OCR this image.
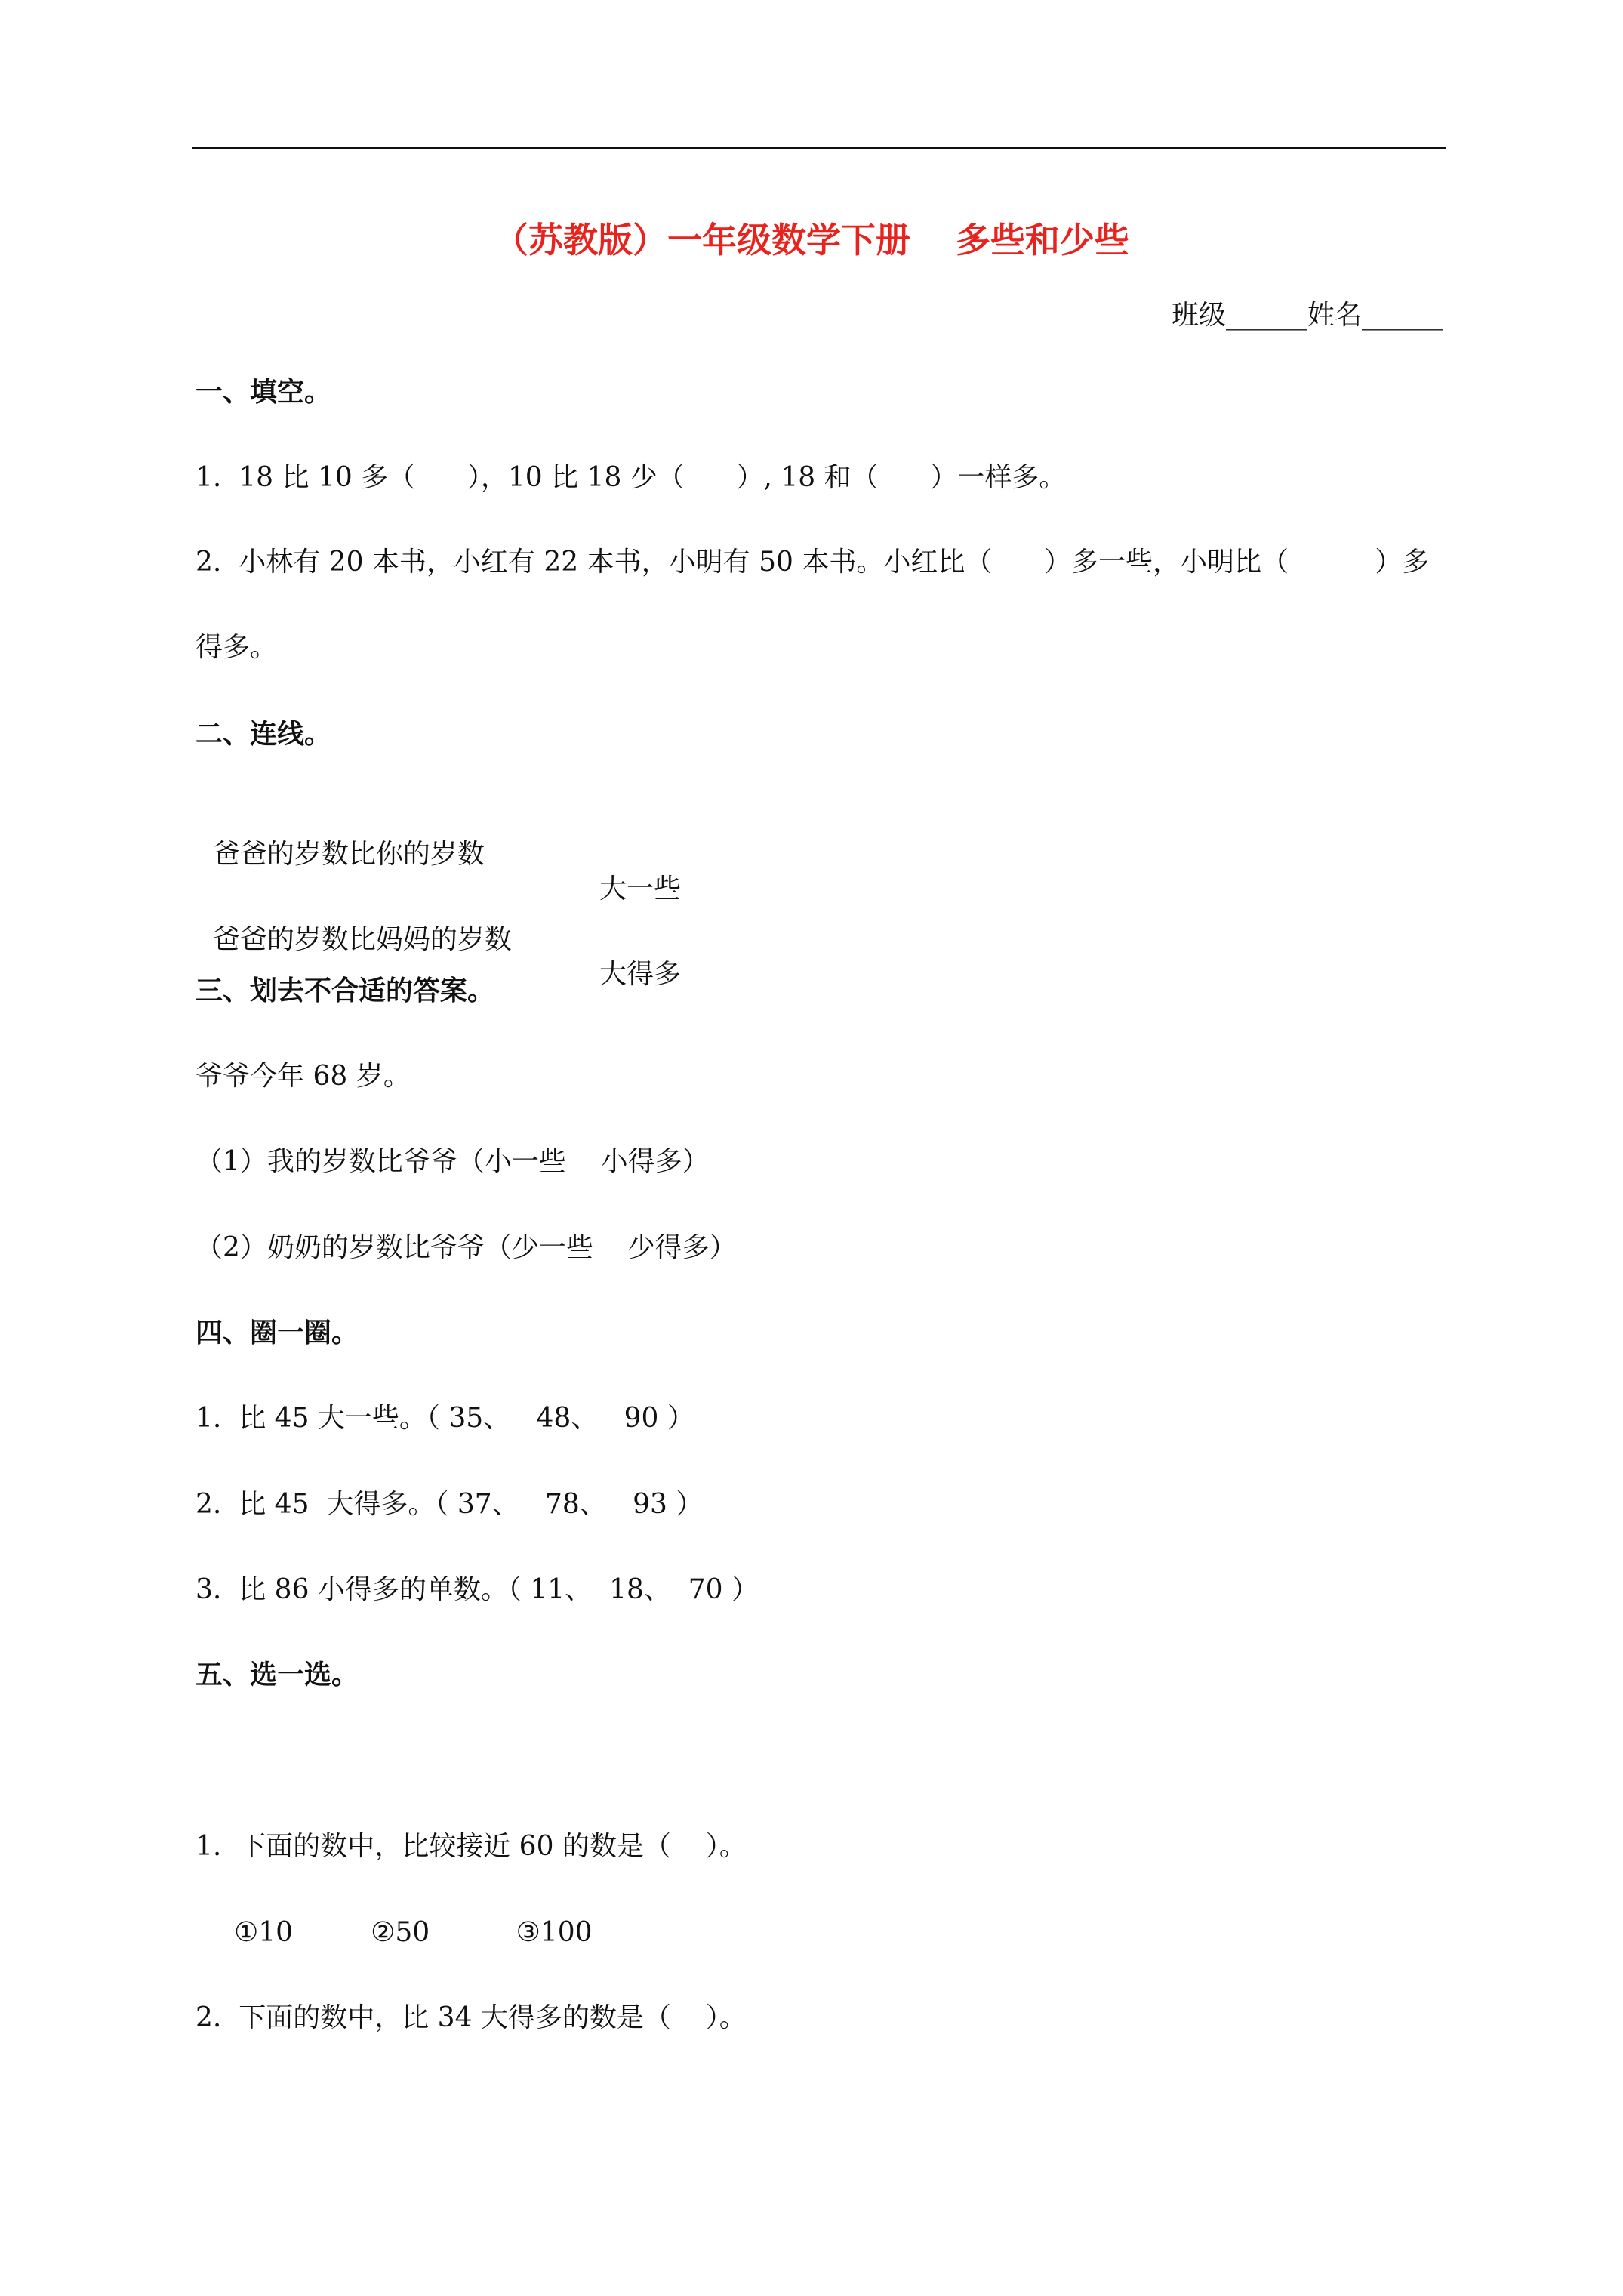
（苏教版）一年级数学下册 多些和少些
班级______姓名______
一、填空。
1.  18 比 10 多（      ），10 比 18 少（      ）, 18 和（      ）一样多。
2.  小林有 20 本书，小红有 22 本书，小明有 50 本书。小红比（      ）多一些，小明比（          ）多
得多。
二、连线。

爸爸的岁数比你的岁数

大一些

爸爸的岁数比妈妈的岁数

大得多

三、划去不合适的答案。
爷爷今年 68 岁。
（1）我的岁数比爷爷（小一些    小得多）
（2）奶奶的岁数比爷爷（少一些    少得多）
四、圈一圈。
1.  比 45 大一些。（ 35、   48、   90 ）
2.  比 45  大得多。（ 37、   78、   93 ）
3.  比 86 小得多的单数。（ 11、  18、  70 ）
五、选一选。
1.  下面的数中，比较接近 60 的数是（    ）。
①10         ②50          ③100
2.  下面的数中，比 34 大得多的数是（    ）。
